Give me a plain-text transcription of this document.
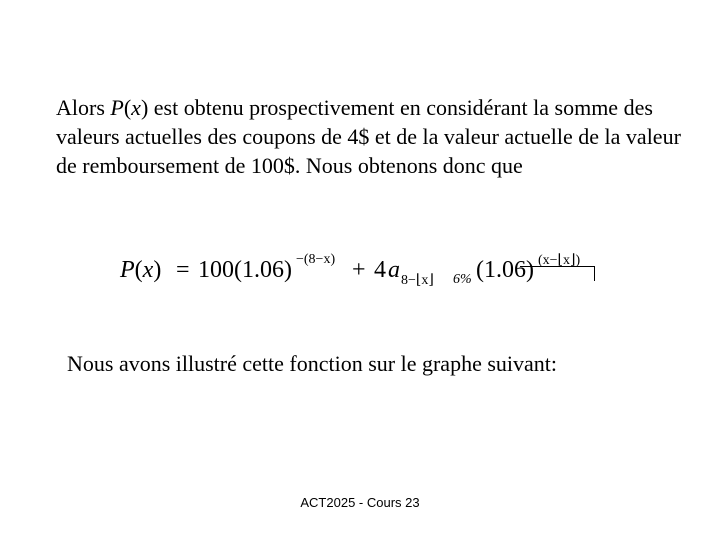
Alors P(x) est obtenu prospectivement en considérant la somme des valeurs actuelles des coupons de 4$ et de la valeur actuelle de la valeur de remboursement de 100$. Nous obtenons donc que
P(x) = 100(1.06) −(8−x) + 4 a 8−⌊x⌋ 6% (1.06) (x−⌊x⌋)
Nous avons illustré cette fonction sur le graphe suivant:
ACT2025 - Cours 23
